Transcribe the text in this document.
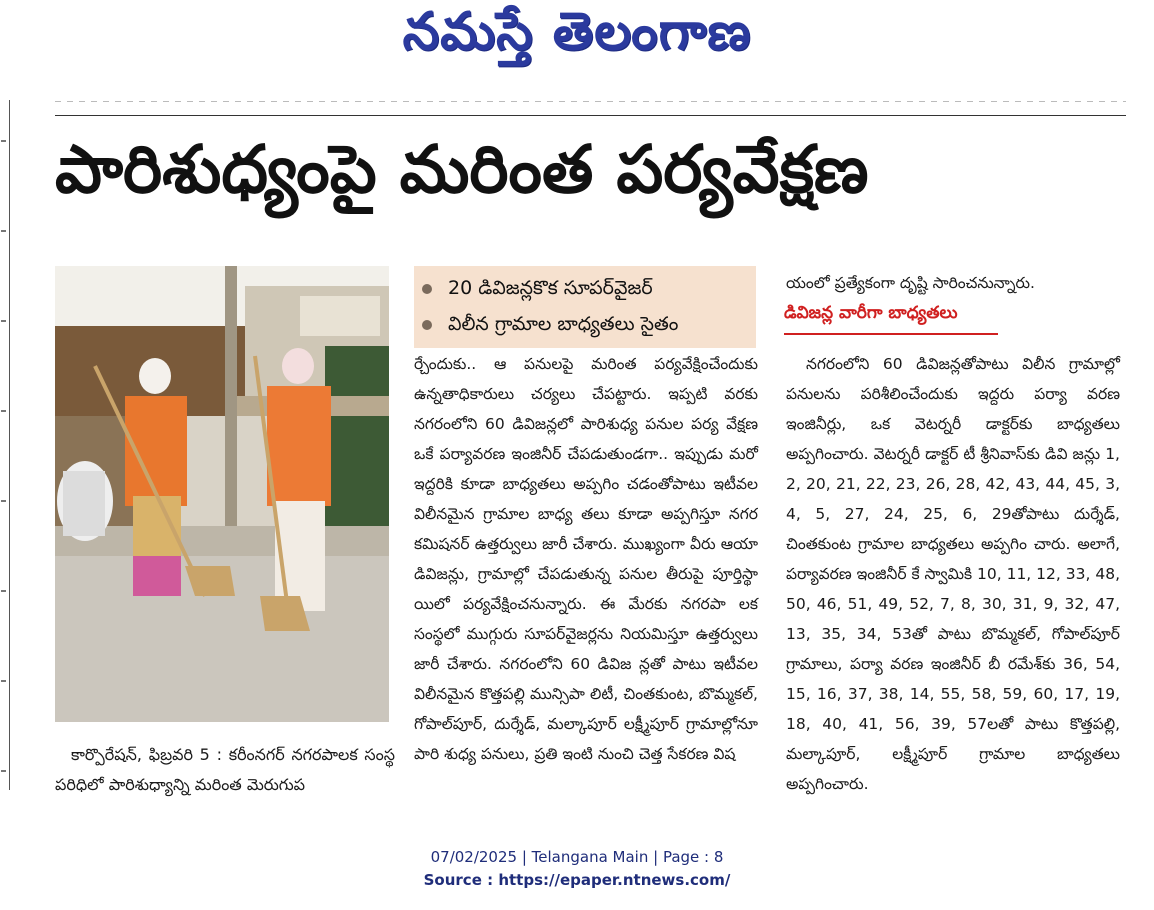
నమస్తే తెలంగాణ
పారిశుధ్యంపై మరింత పర్యవేక్షణ
కార్పొరేషన్, ఫిబ్రవరి 5 : కరీంనగర్ నగరపాలక సంస్థ పరిధిలో పారిశుధ్యాన్ని మరింత మెరుగుప
20 డివిజన్లకొక సూపర్‌వైజర్
విలీన గ్రామాల బాధ్యతలు సైతం
ర్చేందుకు.. ఆ పనులపై మరింత పర్యవేక్షించేందుకు ఉన్నతాధికారులు చర్యలు చేపట్టారు. ఇప్పటి వరకు నగరంలోని 60 డివిజన్లలో పారిశుధ్య పనుల పర్య వేక్షణ ఒకే పర్యావరణ ఇంజినీర్ చేపడుతుండగా.. ఇప్పుడు మరో ఇద్దరికి కూడా బాధ్యతలు అప్పగిం చడంతోపాటు ఇటీవల విలీనమైన గ్రామాల బాధ్య తలు కూడా అప్పగిస్తూ నగర కమిషనర్ ఉత్తర్వులు జారీ చేశారు. ముఖ్యంగా వీరు ఆయా డివిజన్లు, గ్రామాల్లో చేపడుతున్న పనుల తీరుపై పూర్తిస్థా యిలో పర్యవేక్షించనున్నారు. ఈ మేరకు నగరపా లక సంస్థలో ముగ్గురు సూపర్‌వైజర్లను నియమిస్తూ ఉత్తర్వులు జారీ చేశారు. నగరంలోని 60 డివిజ న్లతో పాటు ఇటీవల విలీనమైన కొత్తపల్లి మున్సిపా లిటీ, చింతకుంట, బొమ్మకల్, గోపాల్‌పూర్, దుర్శేడ్, మల్కాపూర్ లక్ష్మీపూర్ గ్రామాల్లోనూ పారి శుధ్య పనులు, ప్రతి ఇంటి నుంచి చెత్త సేకరణ విష
యంలో ప్రత్యేకంగా దృష్టి సారించనున్నారు.
డివిజన్ల వారీగా బాధ్యతలు
నగరంలోని 60 డివిజన్లతోపాటు విలీన గ్రామాల్లో పనులను పరిశీలించేందుకు ఇద్దరు పర్యా వరణ ఇంజినీర్లు, ఒక వెటర్నరీ డాక్టర్‌కు బాధ్యతలు అప్పగించారు. వెటర్నరీ డాక్టర్ టీ శ్రీనివాస్‌కు డివి జన్లు 1, 2, 20, 21, 22, 23, 26, 28, 42, 43, 44, 45, 3, 4, 5, 27, 24, 25, 6, 29తోపాటు దుర్శేడ్, చింతకుంట గ్రామాల బాధ్యతలు అప్పగిం చారు. అలాగే, పర్యావరణ ఇంజినీర్ కే స్వామికి 10, 11, 12, 33, 48, 50, 46, 51, 49, 52, 7, 8, 30, 31, 9, 32, 47, 13, 35, 34, 53తో పాటు బొమ్మకల్, గోపాల్‌పూర్ గ్రామాలు, పర్యా వరణ ఇంజినీర్ బీ రమేశ్‌కు 36, 54, 15, 16, 37, 38, 14, 55, 58, 59, 60, 17, 19, 18, 40, 41, 56, 39, 57లతో పాటు కొత్తపల్లి, మల్కాపూర్, లక్ష్మీపూర్ గ్రామాల బాధ్యతలు అప్పగించారు.
07/02/2025 | Telangana Main | Page : 8
Source : https://epaper.ntnews.com/
